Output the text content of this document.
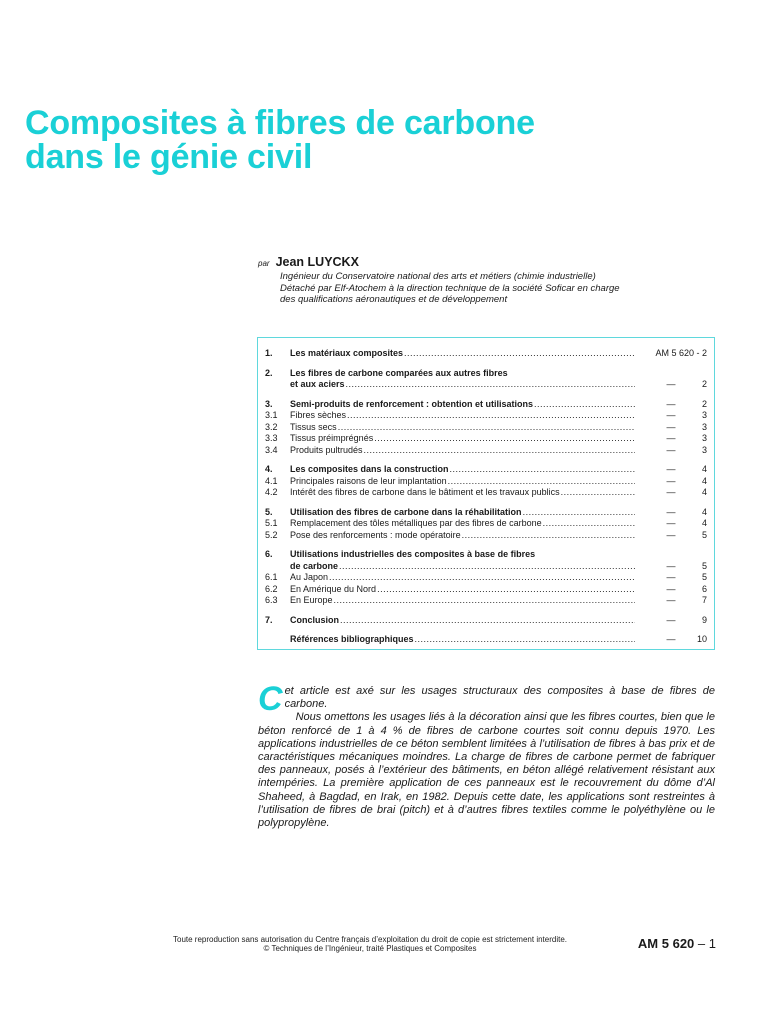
Composites à fibres de carbone
dans le génie civil
par Jean LUYCKX
Ingénieur du Conservatoire national des arts et métiers (chimie industrielle)
Détaché par Elf-Atochem à la direction technique de la société Soficar en charge
des qualifications aéronautiques et de développement
1.	Les matériaux composites .....	AM 5 620 - 2
2.	Les fibres de carbone comparées aux autres fibres
et aux aciers .....	—	2
3.	Semi-produits de renforcement : obtention et utilisations .....	—	2
3.1	Fibres sèches .....	—	3
3.2	Tissus secs .....	—	3
3.3	Tissus préimprégnés .....	—	3
3.4	Produits pultrudés .....	—	3
4.	Les composites dans la construction .....	—	4
4.1	Principales raisons de leur implantation .....	—	4
4.2	Intérêt des fibres de carbone dans le bâtiment et les travaux publics .....	—	4
5.	Utilisation des fibres de carbone dans la réhabilitation .....	—	4
5.1	Remplacement des tôles métalliques par des fibres de carbone .....	—	4
5.2	Pose des renforcements : mode opératoire .....	—	5
6.	Utilisations industrielles des composites à base de fibres
de carbone .....	—	5
6.1	Au Japon .....	—	5
6.2	En Amérique du Nord .....	—	6
6.3	En Europe .....	—	7
7.	Conclusion .....	—	9
Références bibliographiques .....	— 10
C et article est axé sur les usages structuraux des composites à base de fibres de carbone.

Nous omettons les usages liés à la décoration ainsi que les fibres courtes, bien que le béton renforcé de 1 à 4 % de fibres de carbone courtes soit connu depuis 1970. Les applications industrielles de ce béton semblent limitées à l’utilisation de fibres à bas prix et de caractéristiques mécaniques moindres. La charge de fibres de carbone permet de fabriquer des panneaux, posés à l’extérieur des bâtiments, en béton allégé relativement résistant aux intempéries. La première application de ces panneaux est le recouvrement du dôme d’Al Shaheed, à Bagdad, en Irak, en 1982. Depuis cette date, les applications sont restreintes à l’utilisation de fibres de brai (pitch) et à d’autres fibres textiles comme le polyéthylène ou le polypropylène.

Toute reproduction sans autorisation du Centre français d’exploitation du droit de copie est strictement interdite.
© Techniques de l’Ingénieur, traité Plastiques et Composites	AM 5 620 – 1
